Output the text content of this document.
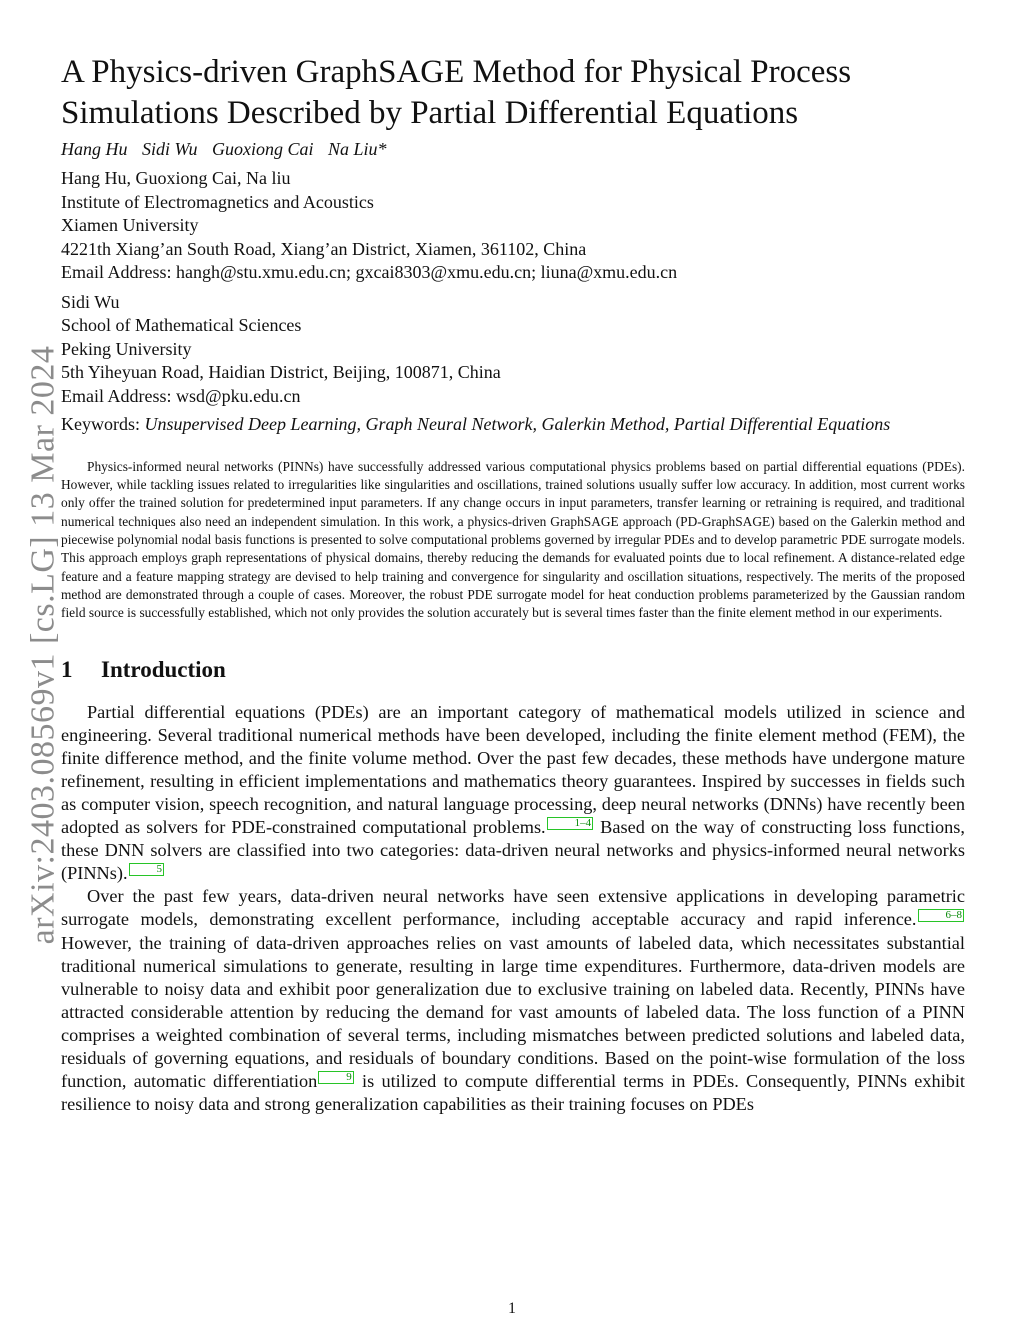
arXiv:2403.08569v1 [cs.LG] 13 Mar 2024
A Physics-driven GraphSAGE Method for Physical Process Simulations Described by Partial Differential Equations
Hang Hu Sidi Wu Guoxiong Cai Na Liu*
Hang Hu, Guoxiong Cai, Na liu
Institute of Electromagnetics and Acoustics
Xiamen University
4221th Xiang’an South Road, Xiang’an District, Xiamen, 361102, China
Email Address: hangh@stu.xmu.edu.cn; gxcai8303@xmu.edu.cn; liuna@xmu.edu.cn
Sidi Wu
School of Mathematical Sciences
Peking University
5th Yiheyuan Road, Haidian District, Beijing, 100871, China
Email Address: wsd@pku.edu.cn
Keywords: Unsupervised Deep Learning, Graph Neural Network, Galerkin Method, Partial Differential Equations

Physics-informed neural networks (PINNs) have successfully addressed various computational physics problems based on partial differential equations (PDEs). However, while tackling issues related to irregularities like singularities and oscillations, trained solutions usually suffer low accuracy. In addition, most current works only offer the trained solution for predetermined input parameters. If any change occurs in input parameters, transfer learning or retraining is required, and traditional numerical techniques also need an independent simulation. In this work, a physics-driven GraphSAGE approach (PD-GraphSAGE) based on the Galerkin method and piecewise polynomial nodal basis functions is presented to solve computational problems governed by irregular PDEs and to develop parametric PDE surrogate models. This approach employs graph representations of physical domains, thereby reducing the demands for evaluated points due to local refinement. A distance-related edge feature and a feature mapping strategy are devised to help training and convergence for singularity and oscillation situations, respectively. The merits of the proposed method are demonstrated through a couple of cases. Moreover, the robust PDE surrogate model for heat conduction problems parameterized by the Gaussian random field source is successfully established, which not only provides the solution accurately but is several times faster than the finite element method in our experiments.

1 Introduction

Partial differential equations (PDEs) are an important category of mathematical models utilized in science and engineering. Several traditional numerical methods have been developed, including the finite element method (FEM), the finite difference method, and the finite volume method. Over the past few decades, these methods have undergone mature refinement, resulting in efficient implementations and mathematics theory guarantees. Inspired by successes in fields such as computer vision, speech recognition, and natural language processing, deep neural networks (DNNs) have recently been adopted as solvers for PDE-constrained computational problems.	1–4 Based on the way of constructing loss functions, these DNN solvers are classified into two categories: data-driven neural networks and physics-informed neural networks (PINNs).	5

Over the past few years, data-driven neural networks have seen extensive applications in developing parametric surrogate models, demonstrating excellent performance, including acceptable accuracy and rapid inference.	6–8 However, the training of data-driven approaches relies on vast amounts of labeled data, which necessitates substantial traditional numerical simulations to generate, resulting in large time expenditures. Furthermore, data-driven models are vulnerable to noisy data and exhibit poor generalization due to exclusive training on labeled data. Recently, PINNs have attracted considerable attention by reducing the demand for vast amounts of labeled data. The loss function of a PINN comprises a weighted combination of several terms, including mismatches between predicted solutions and labeled data, residuals of governing equations, and residuals of boundary conditions. Based on the point-wise formulation of the loss function, automatic differentiation	9 is utilized to compute differential terms in PDEs. Consequently, PINNs exhibit resilience to noisy data and strong generalization capabilities as their training focuses on PDEs

1
